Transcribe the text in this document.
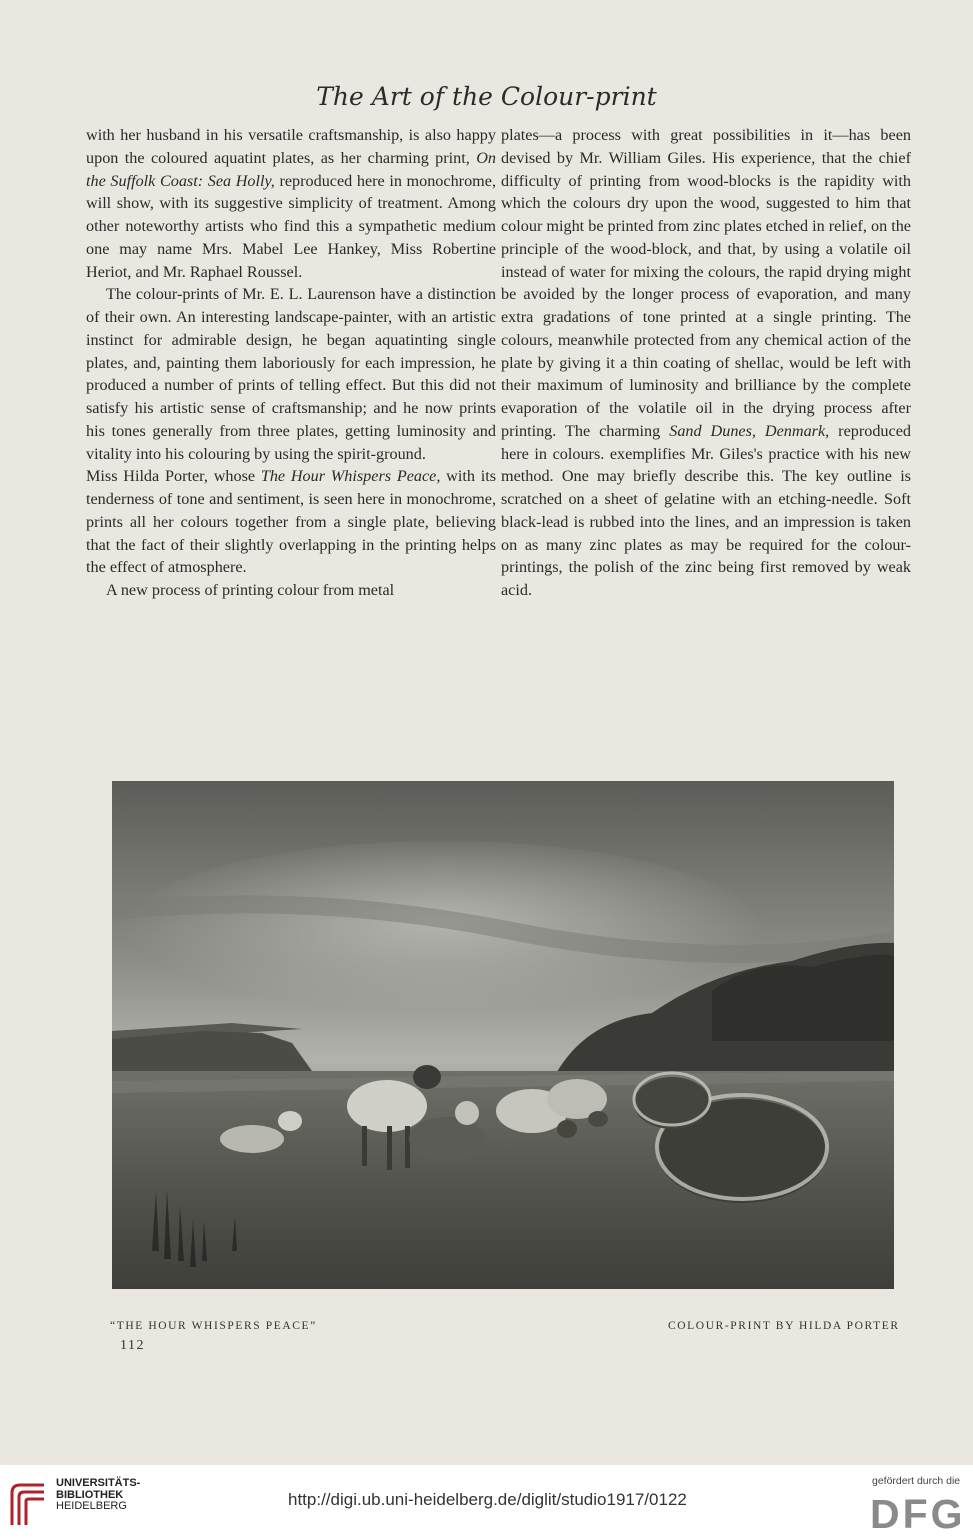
The Art of the Colour-print

with her husband in his versatile craftsmanship, is also happy upon the coloured aquatint plates, as her charming print, On the Suffolk Coast: Sea Holly, reproduced here in monochrome, will show, with its suggestive simplicity of treatment. Among other noteworthy artists who find this a sympathetic medium one may name Mrs. Mabel Lee Hankey, Miss Robertine Heriot, and Mr. Raphael Roussel.

The colour-prints of Mr. E. L. Laurenson have a distinction of their own. An interesting landscape-painter, with an artistic instinct for admirable design, he began aquatinting single plates, and, painting them laboriously for each impression, he produced a number of prints of telling effect. But this did not satisfy his artistic sense of craftsmanship; and he now prints his tones generally from three plates, getting luminosity and vitality into his colouring by using the spirit-ground.

Miss Hilda Porter, whose The Hour Whispers Peace, with its tenderness of tone and sentiment, is seen here in monochrome, prints all her colours together from a single plate, believing that the fact of their slightly overlapping in the printing helps the effect of atmosphere.

A new process of printing colour from metal

plates—a process with great possibilities in it—has been devised by Mr. William Giles. His experience, that the chief difficulty of printing from wood-blocks is the rapidity with which the colours dry upon the wood, suggested to him that colour might be printed from zinc plates etched in relief, on the principle of the wood-block, and that, by using a volatile oil instead of water for mixing the colours, the rapid drying might be avoided by the longer process of evaporation, and many extra gradations of tone printed at a single printing. The colours, meanwhile protected from any chemical action of the plate by giving it a thin coating of shellac, would be left with their maximum of luminosity and brilliance by the complete evaporation of the volatile oil in the drying process after printing. The charming Sand Dunes, Denmark, reproduced here in colours. exemplifies Mr. Giles's practice with his new method. One may briefly describe this. The key outline is scratched on a sheet of gelatine with an etching-needle. Soft black-lead is rubbed into the lines, and an impression is taken on as many zinc plates as may be required for the colour-printings, the polish of the zinc being first removed by weak acid.

“THE HOUR WHISPERS PEACE”	COLOUR-PRINT BY HILDA PORTER
112
UNIVERSITÄTS-
BIBLIOTHEK
HEIDELBERG	http://digi.ub.uni-heidelberg.de/diglit/studio1917/0122
gefördert durch die
DFG
